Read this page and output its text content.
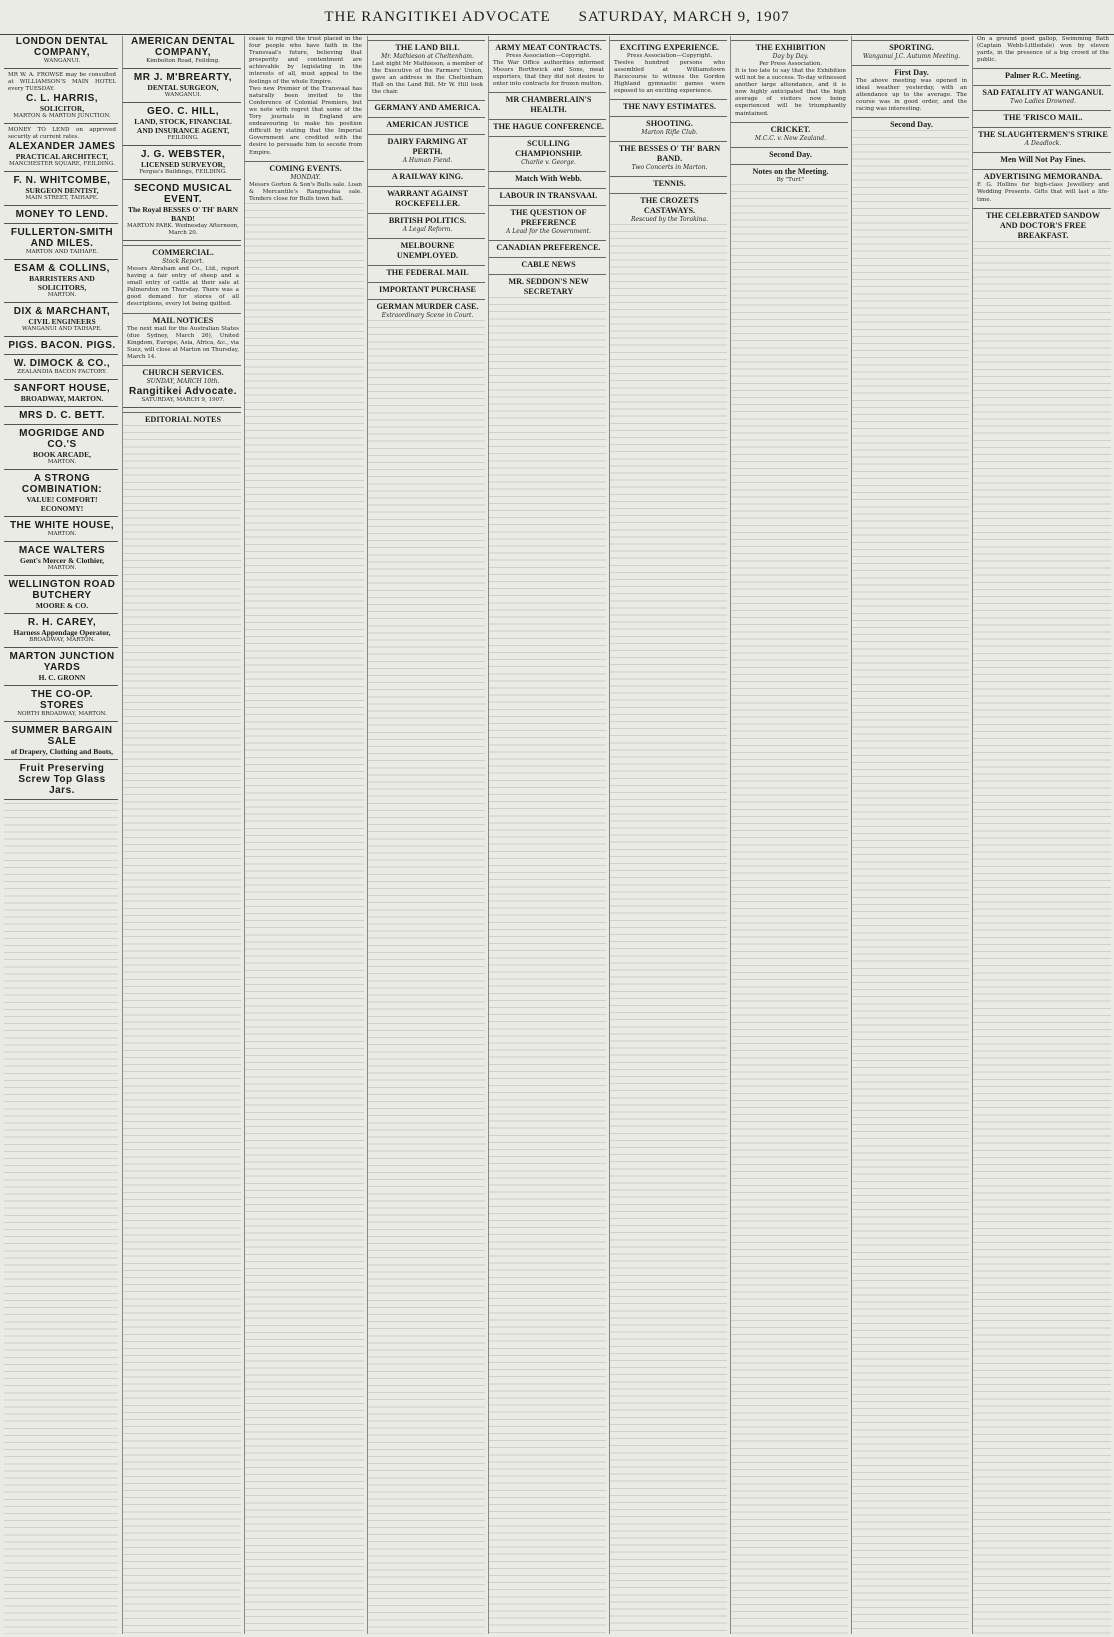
THE RANGITIKEI ADVOCATE SATURDAY, MARCH 9, 1907
LONDON DENTAL COMPANY,
WANGANUI.

MR W. A. FROWSE may be consulted at WILLIAMSON'S MAIN HOTEL every TUESDAY.

C. L. HARRIS,
SOLICITOR,
MARTON & MARTON JUNCTION.

MONEY TO LEND on approved security at current rates.

ALEXANDER JAMES
PRACTICAL ARCHITECT,
MANCHESTER SQUARE, FEILDING.
F. N. WHITCOMBE,
SURGEON DENTIST,
MAIN STREET, TAIHAPE.
MONEY TO LEND.
FULLERTON-SMITH AND MILES.
MARTON AND TAIHAPE.
ESAM & COLLINS,
BARRISTERS AND SOLICITORS,
MARTON.
DIX & MARCHANT,
CIVIL ENGINEERS
WANGANUI AND TAIHAPE.
PIGS. BACON. PIGS.
W. DIMOCK & CO.,
ZEALANDIA BACON FACTORY.
SANFORT HOUSE,
BROADWAY, MARTON.
MRS D. C. BETT.
MOGRIDGE AND CO.'S
BOOK ARCADE,
MARTON.
A STRONG COMBINATION:
VALUE! COMFORT! ECONOMY!
THE WHITE HOUSE,
MARTON.
MACE WALTERS
Gent's Mercer & Clothier,
MARTON.
WELLINGTON ROAD BUTCHERY
MOORE & CO.
R. H. CAREY,
Harness Appendage Operator,
BROADWAY, MARTON.
MARTON JUNCTION YARDS
H. C. GRONN
THE CO-OP. STORES
NORTH BROADWAY, MARTON.
SUMMER BARGAIN SALE
of Drapery, Clothing and Boots,
Fruit Preserving Screw Top Glass Jars.
AMERICAN DENTAL COMPANY,
Kimbolton Road, Feilding.
MR J. M'BREARTY,
DENTAL SURGEON,
WANGANUI.
GEO. C. HILL,
LAND, STOCK, FINANCIAL AND INSURANCE AGENT,
FEILDING.
J. G. WEBSTER,
LICENSED SURVEYOR,
Fergus's Buildings, FEILDING.
SECOND MUSICAL EVENT.
The Royal BESSES O' TH' BARN BAND!
MARTON PARK. Wednesday Afternoon, March 20.
COMMERCIAL.
Stock Report.

Messrs Abraham and Co., Ltd., report having a fair entry of sheep and a small entry of cattle at their sale at Palmerston on Thursday. There was a good demand for stores of all descriptions, every lot being quitted.

MAIL NOTICES

The next mail for the Australian States (due Sydney, March 26), United Kingdom, Europe, Asia, Africa, &c., via Suez, will close at Marton on Thursday, March 14.

CHURCH SERVICES.
SUNDAY, MARCH 10th.
Rangitikei Advocate.
SATURDAY, MARCH 9, 1907.
EDITORIAL NOTES

cease to regret the trust placed in the four people who have faith in the Transvaal's future, believing that prosperity and contentment are achievable by legislating in the interests of all, must appeal to the feelings of the whole Empire.

Two new Premier of the Transvaal has naturally been invited to the Conference of Colonial Premiers, but we note with regret that some of the Tory journals in England are endeavouring to make his position difficult by stating that the Imperial Government are credited with the desire to persuade him to secede from Empire.

COMING EVENTS.
MONDAY.

Messrs Gorton & Son's Bulls sale. Loan & Mercantile's Rangiwahia sale. Tenders close for Bulls town hall.

THE LAND BILL
Mr. Mathieson at Cheltenham.

Last night Mr Mathieson, a member of the Executive of the Farmers' Union, gave an address in the Cheltenham Hall on the Land Bill. Mr W. Hill took the chair.

GERMANY AND AMERICA.
AMERICAN JUSTICE
DAIRY FARMING AT PERTH.
A Human Fiend.
A RAILWAY KING.
WARRANT AGAINST ROCKEFELLER.
BRITISH POLITICS.
A Legal Reform.
MELBOURNE UNEMPLOYED.
THE FEDERAL MAIL
IMPORTANT PURCHASE
GERMAN MURDER CASE.
Extraordinary Scene in Court.
ARMY MEAT CONTRACTS.
Press Association—Copyright.

The War Office authorities informed Messrs Borthwick and Sons, meat exporters, that they did not desire to enter into contracts for frozen mutton.

MR CHAMBERLAIN'S HEALTH.
THE HAGUE CONFERENCE.
SCULLING CHAMPIONSHIP.
Charlie v. George.
Match With Webb.
LABOUR IN TRANSVAAL
THE QUESTION OF PREFERENCE
A Lead for the Government.
CANADIAN PREFERENCE.
CABLE NEWS
MR. SEDDON'S NEW SECRETARY
EXCITING EXPERIENCE.
Press Association—Copyright.

Twelve hundred persons who assembled at Williamstown Racecourse to witness the Gordon Highland gymnastic games were exposed to an exciting experience.

THE NAVY ESTIMATES.
SHOOTING.
Marton Rifle Club.
THE BESSES O' TH' BARN BAND.
Two Concerts in Marton.
TENNIS.
THE CROZETS CASTAWAYS.
Rescued by the Torakina.
THE EXHIBITION
Day by Day.
Per Press Association.

It is too late to say that the Exhibition will not be a success. To-day witnessed another large attendance, and it is now highly anticipated that the high average of visitors now being experienced will be triumphantly maintained.

CRICKET.
M.C.C. v. New Zealand.
Second Day.
Notes on the Meeting.
By "Turf."
SPORTING.
Wanganui J.C. Autumn Meeting.
First Day.

The above meeting was opened in ideal weather yesterday, with an attendance up to the average. The course was in good order, and the racing was interesting.

Second Day.

On a ground good gallop, Swimming Bath (Captain Webb-Littledale) won by eleven yards, in the presence of a big crowd of the public.

Palmer R.C. Meeting.
SAD FATALITY AT WANGANUI.
Two Ladies Drowned.
THE 'FRISCO MAIL.
THE SLAUGHTERMEN'S STRIKE
A Deadlock.
Men Will Not Pay Fines.
ADVERTISING MEMORANDA.

F. G. Hollins for high-class Jewellery and Wedding Presents. Gifts that will last a life-time.

THE CELEBRATED SANDOW AND DOCTOR'S FREE BREAKFAST.
